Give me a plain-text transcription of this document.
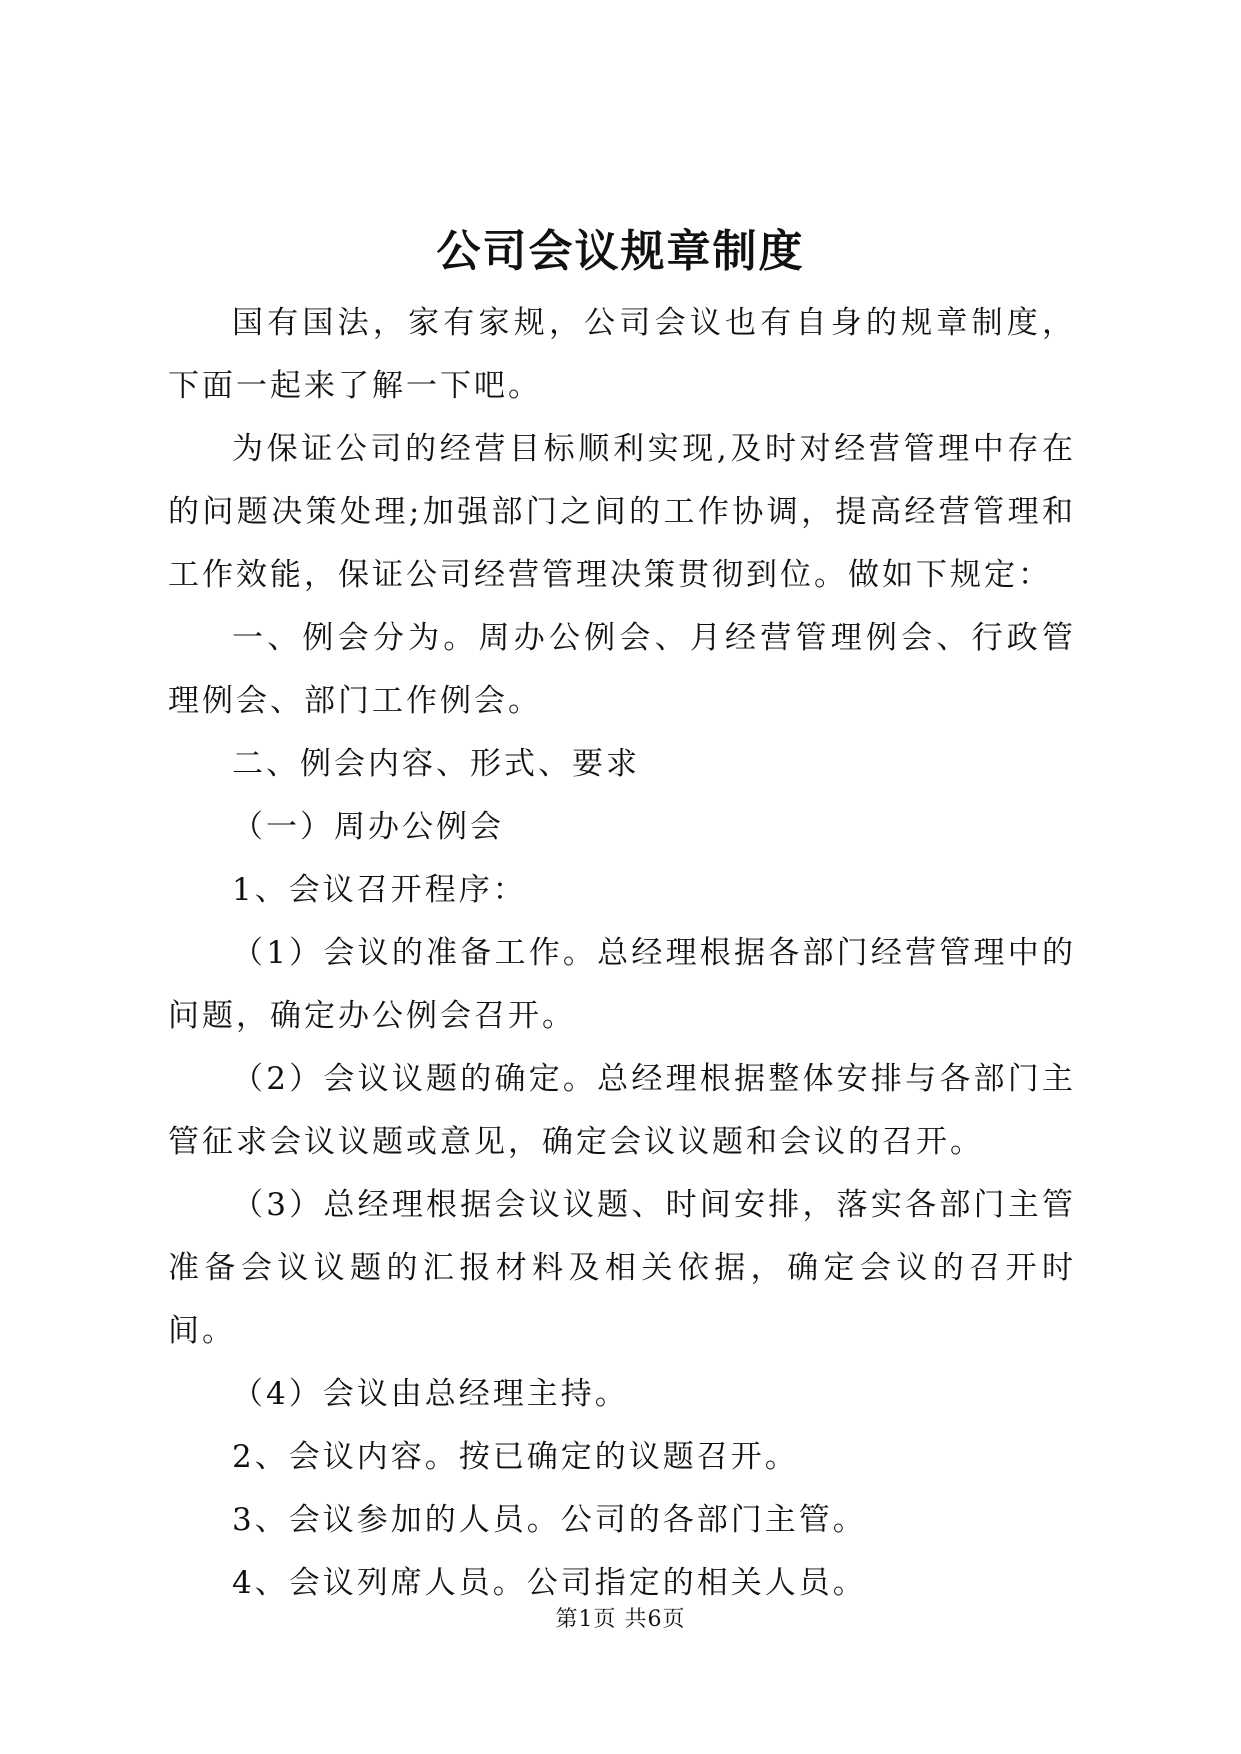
公司会议规章制度

国有国法，家有家规，公司会议也有自身的规章制度，下面一起来了解一下吧。

为保证公司的经营目标顺利实现,及时对经营管理中存在的问题决策处理;加强部门之间的工作协调，提高经营管理和工作效能，保证公司经营管理决策贯彻到位。做如下规定：

一、例会分为。周办公例会、月经营管理例会、行政管理例会、部门工作例会。

二、例会内容、形式、要求

（一）周办公例会

1、会议召开程序：

（1）会议的准备工作。总经理根据各部门经营管理中的问题，确定办公例会召开。

（2）会议议题的确定。总经理根据整体安排与各部门主管征求会议议题或意见，确定会议议题和会议的召开。

（3）总经理根据会议议题、时间安排，落实各部门主管准备会议议题的汇报材料及相关依据，确定会议的召开时间。

（4）会议由总经理主持。

2、会议内容。按已确定的议题召开。

3、会议参加的人员。公司的各部门主管。

4、会议列席人员。公司指定的相关人员。

第1页 共6页
